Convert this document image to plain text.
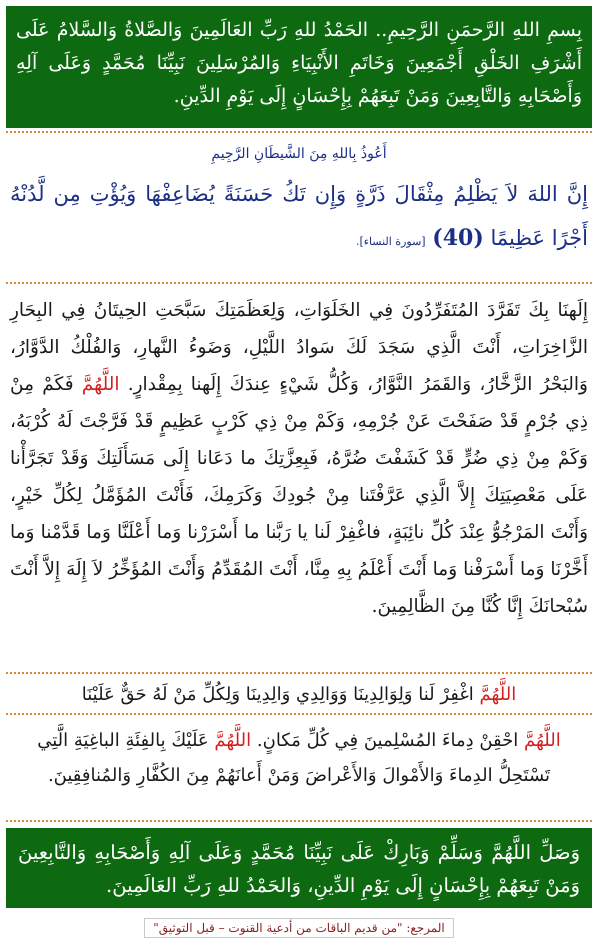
بِسمِ اللهِ الرَّحمَنِ الرَّحِيمِ.. الحَمْدُ للهِ رَبِّ العَالَمِينَ وَالصَّلاةُ وَالسَّلامُ عَلَى أَشْرَفِ الخَلْقِ أَجْمَعِينَ وَخَاتَمِ الأَنْبِيَاءِ وَالمُرْسَلِينَ نَبِيِّنَا مُحَمَّدٍ وَعَلَى آلِهِ وَأَصْحَابِهِ وَالتَّابِعِينَ وَمَنْ تَبِعَهُمْ بِإِحْسَانٍ إِلَى يَوْمِ الدِّينِ.
أَعُوذُ بِاللهِ مِنَ الشَّيطَانِ الرَّجِيمِ
إِنَّ اللهَ لاَ يَظْلِمُ مِثْقَالَ ذَرَّةٍ وَإِن تَكُ حَسَنَةً يُضَاعِفْهَا وَيُؤْتِ مِن لَّدُنْهُ أَجْرًا عَظِيمًا (40) [سورة النساء].
إِلَهنَا بِكَ تَفَرَّدَ المُتَفَرِّدُونَ فِي الخَلَوَاتِ، وَلِعَظَمَتِكَ سَبَّحَتِ الحِيتَانُ فِي البِحَارِ الزَّاخِرَاتِ، أَنْتَ الَّذِي سَجَدَ لَكَ سَوادُ اللَّيْلِ، وَضَوءُ النَّهارِ، وَالفُلْكُ الدَّوَّارُ، وَالبَحْرُ الزَّخَّارُ، وَالقَمَرُ النَّوَّارُ، وَكُلُّ شَيْءٍ عِندَكَ إِلَهنا بِمِقْدارٍ. اللَّهُمَّ فَكَمْ مِنْ ذِي جُرْمٍ قَدْ صَفَحْتَ عَنْ جُرْمِهِ، وَكَمْ مِنْ ذِي كَرْبٍ عَظِيمٍ قَدْ فَرَّجْتَ لَهُ كُرْبَهُ، وَكَمْ مِنْ ذِي ضُرٍّ قَدْ كَشَفْتَ ضُرَّهُ، فَبِعِزَّتِكَ ما دَعَانا إِلَى مَسَأَلَتِكَ وَقَدْ تَجَرَّأْنا عَلَى مَعْصِيَتِكَ إِلاَّ الَّذِي عَرَّفْتَنا مِنْ جُودِكَ وَكَرَمِكَ، فَأَنْتَ المُؤَمَّلُ لِكُلِّ خَيْرٍ، وَأَنْتَ المَرْجُوُّ عِنْدَ كُلِّ نائِبَةٍ، فاغْفِرْ لَنا يا رَبَّنا ما أَسْرَرْنا وَما أَعْلَنَّا وَما قَدَّمْنا وَما أَخَّرْنَا وَما أَسْرَفْنا وَما أَنْتَ أَعْلَمُ بِهِ مِنَّا، أَنْتَ المُقَدِّمُ وَأَنْتَ المُؤَخِّرُ لاَ إِلَهَ إِلاَّ أَنْتَ سُبْحانَكَ إِنَّا كُنَّا مِنَ الظَّالِمِينَ.
اللَّهُمَّ اغْفِرْ لَنا وَلِوَالِدِينَا وَوَالِدِي وَالِدِينَا وَلِكُلِّ مَنْ لَهُ حَقٌّ عَلَيْنَا
اللَّهُمَّ احْقِنْ دِماءَ المُسْلِمينَ فِي كُلِّ مَكانٍ. اللَّهُمَّ عَلَيْكَ بِالفِئَةِ الباغِيَةِ الَّتِي تَسْتَحِلُّ الدِماءَ وَالأَمْوالَ وَالأَعْراضَ وَمَنْ أَعانَهُمْ مِنَ الكُفَّارِ وَالمُنافِقِينَ.
وَصَلِّ اللَّهُمَّ وَسَلِّمْ وَبَارِكْ عَلَى نَبِيِّنَا مُحَمَّدٍ وَعَلَى آلِهِ وَأَصْحَابِهِ وَالتَّابِعِينَ وَمَنْ تَبِعَهُمْ بِإِحْسَانٍ إِلَى يَوْمِ الدِّينِ، وَالحَمْدُ للهِ رَبِّ العَالَمِينَ.
المرجع: "من قديم الباقات من أدعية القنوت – قبل التوثيق"
